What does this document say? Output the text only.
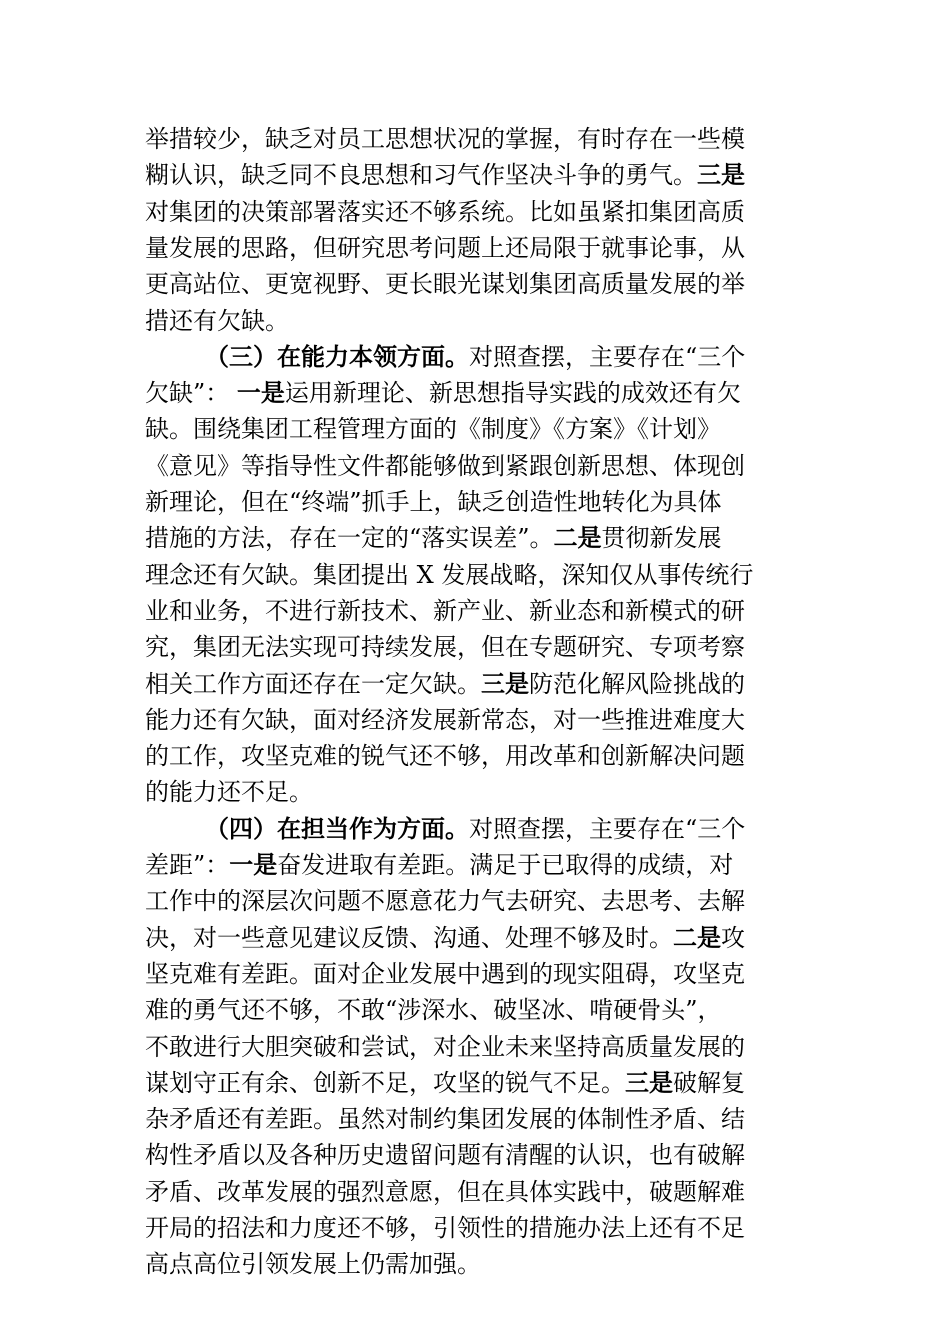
举措较少，缺乏对员工思想状况的掌握，有时存在一些模
糊认识，缺乏同不良思想和习气作坚决斗争的勇气。三是
对集团的决策部署落实还不够系统。比如虽紧扣集团高质
量发展的思路，但研究思考问题上还局限于就事论事，从
更高站位、更宽视野、更长眼光谋划集团高质量发展的举
措还有欠缺。
（三）在能力本领方面。对照查摆，主要存在“三个
欠缺”： 一是运用新理论、新思想指导实践的成效还有欠
缺。围绕集团工程管理方面的《制度》《方案》《计划》
《意见》等指导性文件都能够做到紧跟创新思想、体现创
新理论，但在“终端”抓手上，缺乏创造性地转化为具体
措施的方法，存在一定的“落实误差”。二是贯彻新发展
理念还有欠缺。集团提出 X 发展战略，深知仅从事传统行
业和业务，不进行新技术、新产业、新业态和新模式的研
究，集团无法实现可持续发展，但在专题研究、专项考察
相关工作方面还存在一定欠缺。三是防范化解风险挑战的
能力还有欠缺，面对经济发展新常态，对一些推进难度大
的工作，攻坚克难的锐气还不够，用改革和创新解决问题
的能力还不足。
（四）在担当作为方面。对照查摆，主要存在“三个
差距”：一是奋发进取有差距。满足于已取得的成绩，对
工作中的深层次问题不愿意花力气去研究、去思考、去解
决，对一些意见建议反馈、沟通、处理不够及时。二是攻
坚克难有差距。面对企业发展中遇到的现实阻碍，攻坚克
难的勇气还不够，不敢“涉深水、破坚冰、啃硬骨头”，
不敢进行大胆突破和尝试，对企业未来坚持高质量发展的
谋划守正有余、创新不足，攻坚的锐气不足。三是破解复
杂矛盾还有差距。虽然对制约集团发展的体制性矛盾、结
构性矛盾以及各种历史遗留问题有清醒的认识，也有破解
矛盾、改革发展的强烈意愿，但在具体实践中，破题解难
开局的招法和力度还不够，引领性的措施办法上还有不足
高点高位引领发展上仍需加强。
